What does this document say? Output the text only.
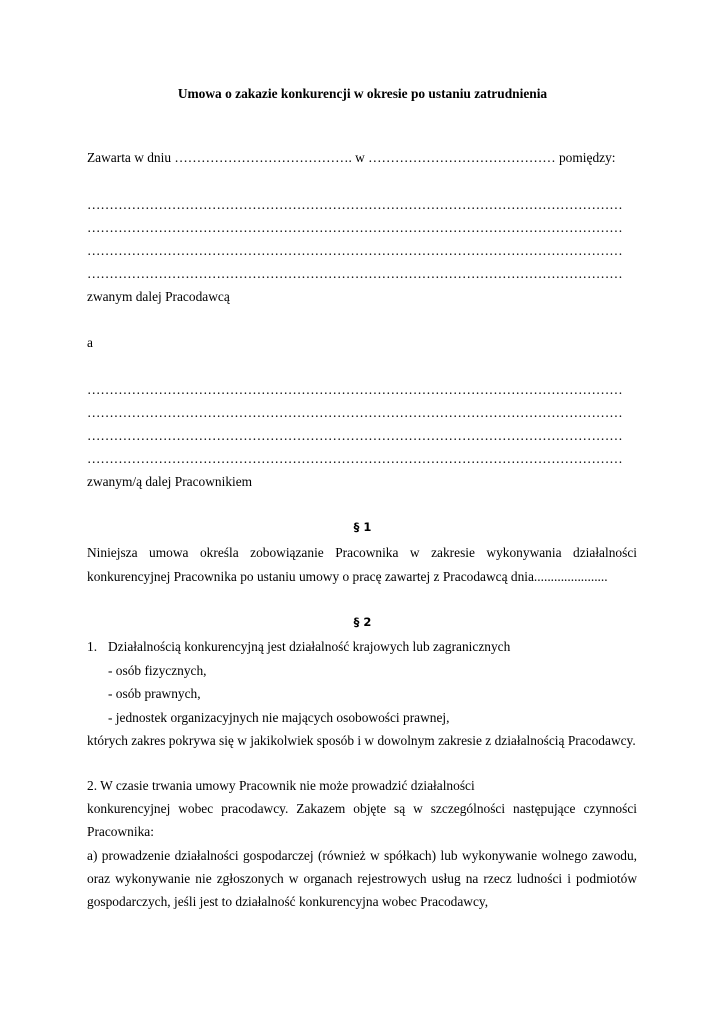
Umowa o zakazie konkurencji w okresie po ustaniu zatrudnienia
Zawarta w dniu …………………………………. w …………………………………… pomiędzy:
…………………………………………………………………………………………………………
…………………………………………………………………………………………………………
…………………………………………………………………………………………………………
…………………………………………………………………………………………………………
zwanym dalej Pracodawcą
a
…………………………………………………………………………………………………………
…………………………………………………………………………………………………………
…………………………………………………………………………………………………………
…………………………………………………………………………………………………………
zwanym/ą dalej Pracownikiem
§ 1
Niniejsza umowa określa zobowiązanie Pracownika w zakresie wykonywania działalności
konkurencyjnej Pracownika po ustaniu umowy o pracę zawartej z Pracodawcą dnia......................
§ 2
1. Działalnością konkurencyjną jest działalność krajowych lub zagranicznych
- osób fizycznych,
- osób prawnych,
- jednostek organizacyjnych nie mających osobowości prawnej,
których zakres pokrywa się w jakikolwiek sposób i w dowolnym zakresie z działalnością Pracodawcy.
2. W czasie trwania umowy Pracownik nie może prowadzić działalności
konkurencyjnej wobec pracodawcy. Zakazem objęte są w szczególności następujące czynności
Pracownika:
a) prowadzenie działalności gospodarczej (również w spółkach) lub wykonywanie wolnego zawodu,
oraz wykonywanie nie zgłoszonych w organach rejestrowych usług na rzecz ludności i podmiotów
gospodarczych, jeśli jest to działalność konkurencyjna wobec Pracodawcy,
